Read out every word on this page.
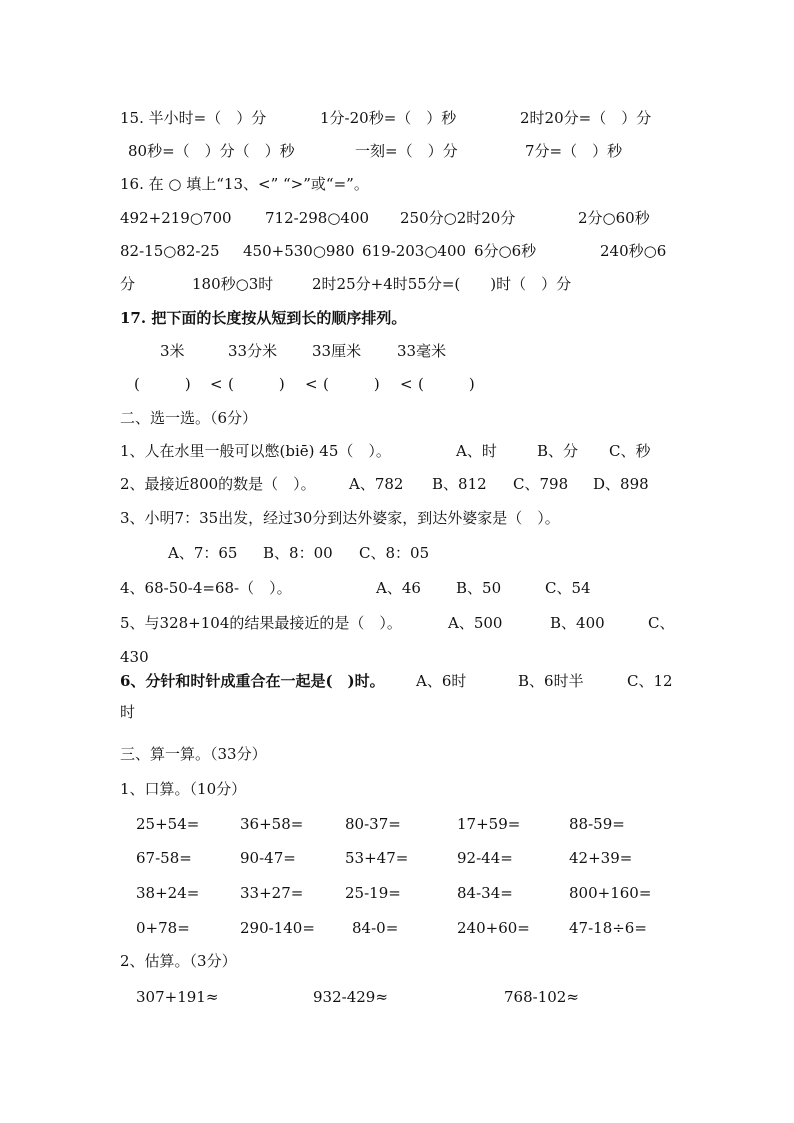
15. 半小时=（　）分	1分-20秒=（　）秒	2时20分=（　）分
80秒=（　）分（　）秒	一刻=（　）分	7分=（　）秒
16. 在 ○ 填上“13、<” “>”或“=”。
492+219○700 712-298○400 250分○2时20分	2分○60秒
82-15○82-25 450+530○980 619-203○400 6分○6秒	240秒○6
分	180秒○3时	2时25分+4时55分=(　　)时（　）分
17. 把下面的长度按从短到长的顺序排列。
3米	33分米 33厘米 33毫米
(　　　) < (　　　) < (　　　) < (　　　)
二、选一选。（6分）
1、人在水里一般可以憋(biē) 45（　）。	A、时	B、分 C、秒
2、最接近800的数是（　）。 A、782 B、812 C、798 D、898
3、小明7：35出发，经过30分到达外婆家，到达外婆家是（　）。
A、7：65 B、8：00 C、8：05
4、68-50-4=68-（　）。	A、46 B、50	C、54
5、与328+104的结果最接近的是（　）。	A、500	B、400	C、
430
6、分针和时针成重合在一起是(　)时。 A、6时	B、6时半	C、12
时
三、算一算。（33分）
1、口算。（10分）
25+54=	36+58=	80-37=	17+59=	88-59=
67-58=	90-47=	53+47=	92-44=	42+39=
38+24=	33+27=	25-19=	84-34=	800+160=
0+78=	290-140= 84-0=	240+60=	47-18÷6=
2、估算。（3分）
307+191≈	932-429≈	768-102≈
